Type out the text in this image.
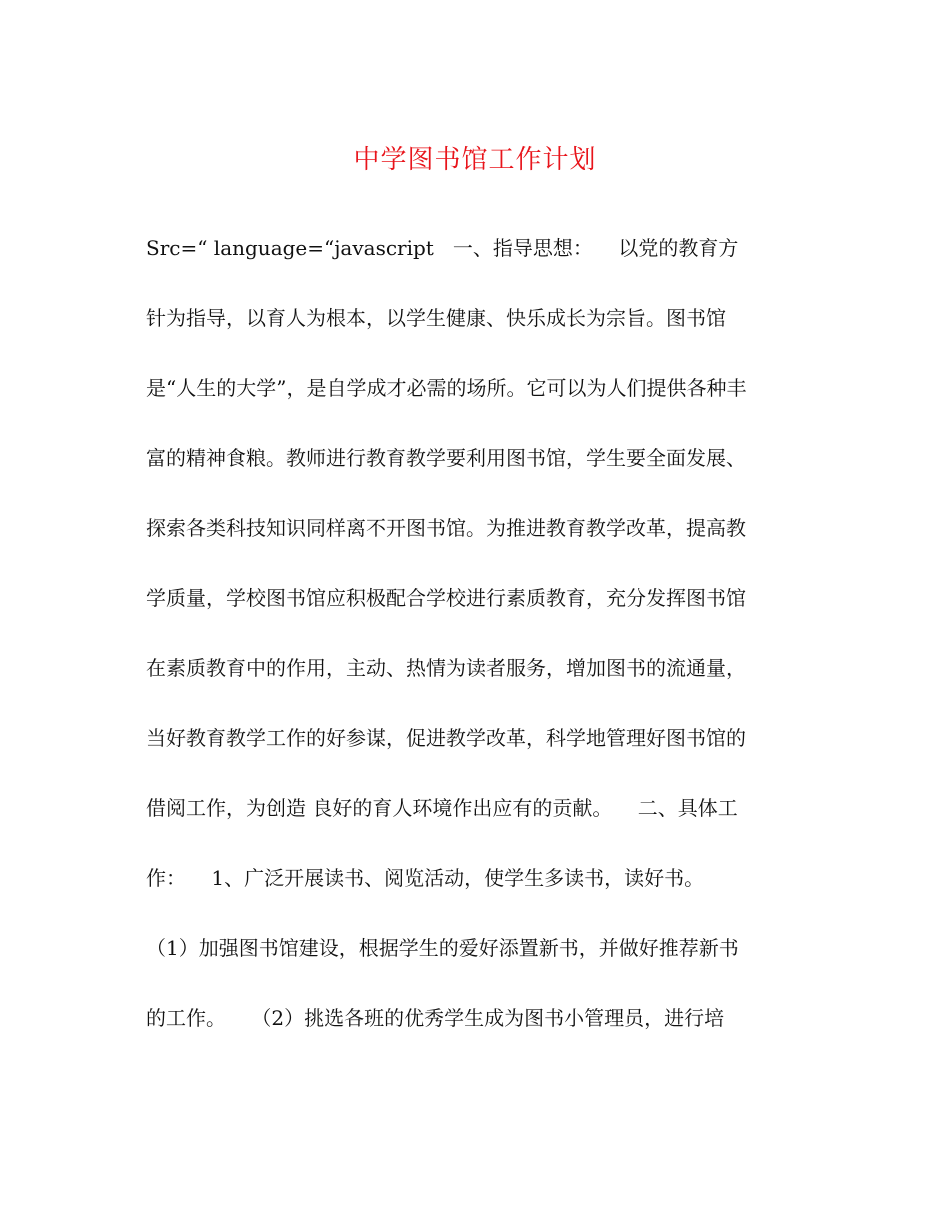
中学图书馆工作计划
Src=“ language=“javascript   一、指导思想：    以党的教育方
针为指导，以育人为根本，以学生健康、快乐成长为宗旨。图书馆
是“人生的大学”，是自学成才必需的场所。它可以为人们提供各种丰
富的精神食粮。教师进行教育教学要利用图书馆，学生要全面发展、
探索各类科技知识同样离不开图书馆。为推进教育教学改革，提高教
学质量，学校图书馆应积极配合学校进行素质教育，充分发挥图书馆
在素质教育中的作用，主动、热情为读者服务，增加图书的流通量，
当好教育教学工作的好参谋，促进教学改革，科学地管理好图书馆的
借阅工作，为创造 良好的育人环境作出应有的贡献。    二、具体工
作：    1、广泛开展读书、阅览活动，使学生多读书，读好书。
（1）加强图书馆建设，根据学生的爱好添置新书，并做好推荐新书
的工作。    （2）挑选各班的优秀学生成为图书小管理员，进行培
